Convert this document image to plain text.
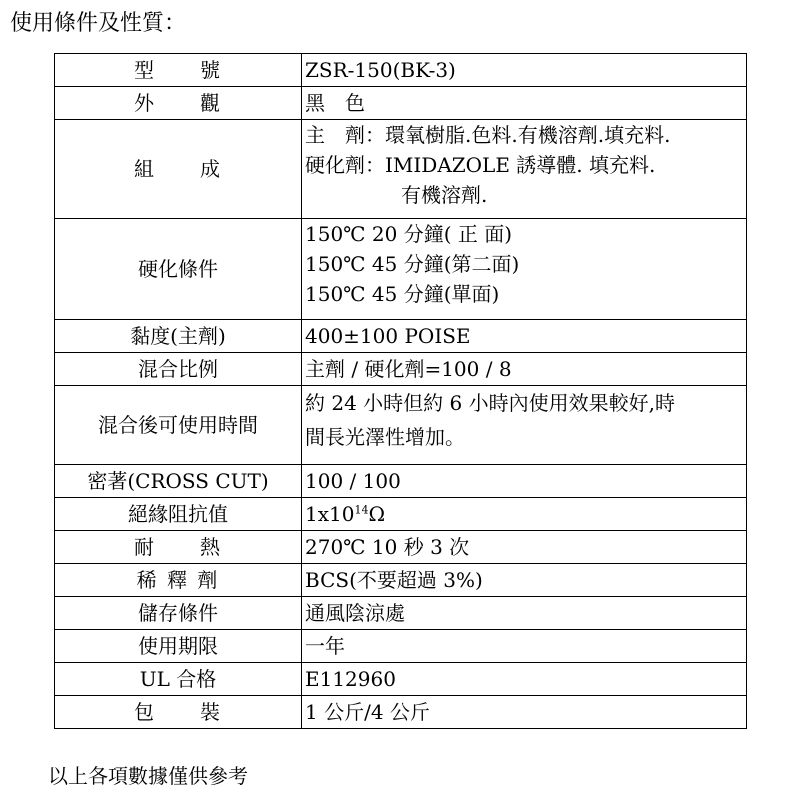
使用條件及性質：
型　　號	ZSR-150(BK-3)
外　　觀	黑　色
組　　成	主　劑：環氧樹脂.色料.有機溶劑.填充料.
硬化劑：IMIDAZOLE 誘導體. 填充料.
有機溶劑.

硬化條件	150℃ 20 分鐘( 正 面)
150℃ 45 分鐘(第二面)
150℃ 45 分鐘(單面)

黏度(主劑)	400±100 POISE
混合比例	主劑 / 硬化劑=100 / 8
混合後可使用時間	約 24 小時但約 6 小時內使用效果較好,時
間長光澤性增加。

密著(CROSS CUT)	100 / 100
絕緣阻抗值	$1x10^{14}\Omega$
耐　　熱	270℃ 10 秒 3 次
稀 釋 劑	BCS(不要超過 3%)
儲存條件	通風陰涼處
使用期限	一年
UL 合格	E112960
包　　裝	1 公斤/4 公斤
以上各項數據僅供參考
